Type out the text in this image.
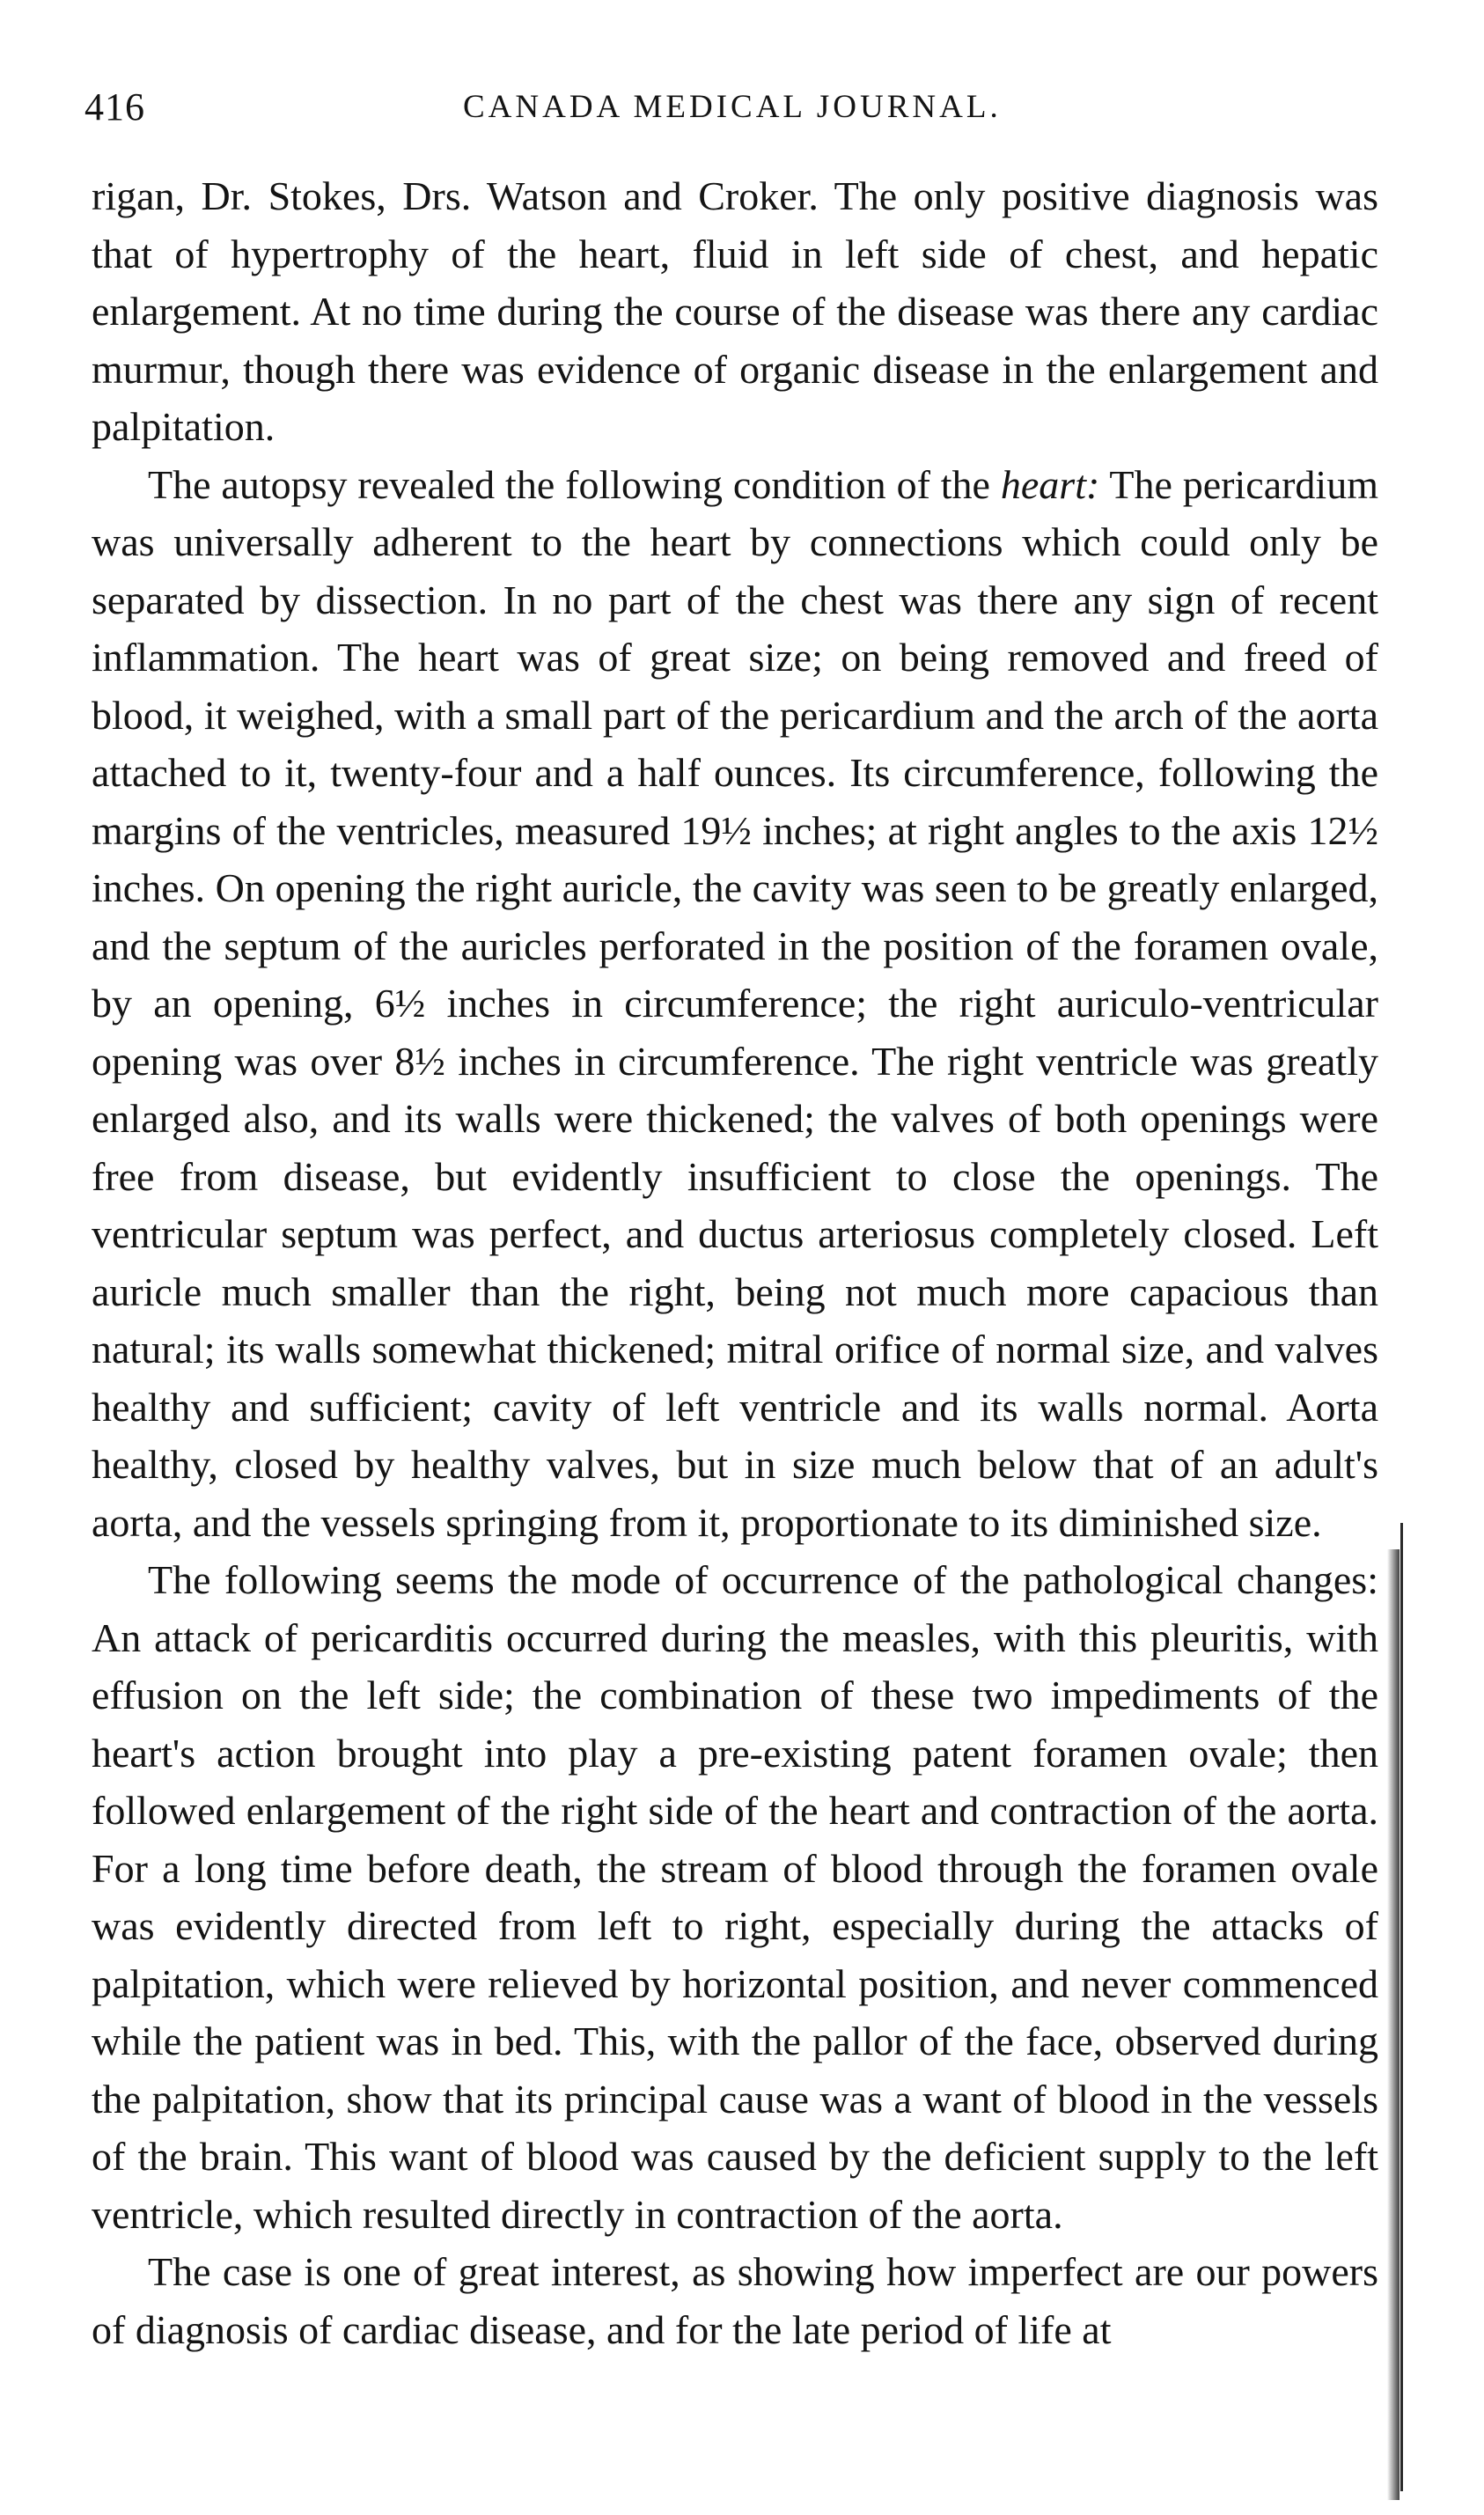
416	CANADA MEDICAL JOURNAL.

rigan, Dr. Stokes, Drs. Watson and Croker. The only positive diagnosis was that of hypertrophy of the heart, fluid in left side of chest, and hepatic enlargement. At no time during the course of the disease was there any cardiac murmur, though there was evidence of organic disease in the enlargement and palpitation.

The autopsy revealed the following condition of the heart: The pericardium was universally adherent to the heart by connections which could only be separated by dissection. In no part of the chest was there any sign of recent inflammation. The heart was of great size; on being removed and freed of blood, it weighed, with a small part of the pericardium and the arch of the aorta attached to it, twenty-four and a half ounces. Its circumference, following the margins of the ventricles, measured 19½ inches; at right angles to the axis 12½ inches. On opening the right auricle, the cavity was seen to be greatly enlarged, and the septum of the auricles perforated in the position of the foramen ovale, by an opening, 6½ inches in circumference; the right auriculo-ventricular opening was over 8½ inches in circumference. The right ventricle was greatly enlarged also, and its walls were thickened; the valves of both openings were free from disease, but evidently insufficient to close the openings. The ventricular septum was perfect, and ductus arteriosus completely closed. Left auricle much smaller than the right, being not much more capacious than natural; its walls somewhat thickened; mitral orifice of normal size, and valves healthy and sufficient; cavity of left ventricle and its walls normal. Aorta healthy, closed by healthy valves, but in size much below that of an adult's aorta, and the vessels springing from it, proportionate to its diminished size.

The following seems the mode of occurrence of the pathological changes: An attack of pericarditis occurred during the measles, with this pleuritis, with effusion on the left side; the combination of these two impediments of the heart's action brought into play a pre-existing patent foramen ovale; then followed enlargement of the right side of the heart and contraction of the aorta. For a long time before death, the stream of blood through the foramen ovale was evidently directed from left to right, especially during the attacks of palpitation, which were relieved by horizontal position, and never commenced while the patient was in bed. This, with the pallor of the face, observed during the palpitation, show that its principal cause was a want of blood in the vessels of the brain. This want of blood was caused by the deficient supply to the left ventricle, which resulted directly in contraction of the aorta.

The case is one of great interest, as showing how imperfect are our powers of diagnosis of cardiac disease, and for the late period of life at
